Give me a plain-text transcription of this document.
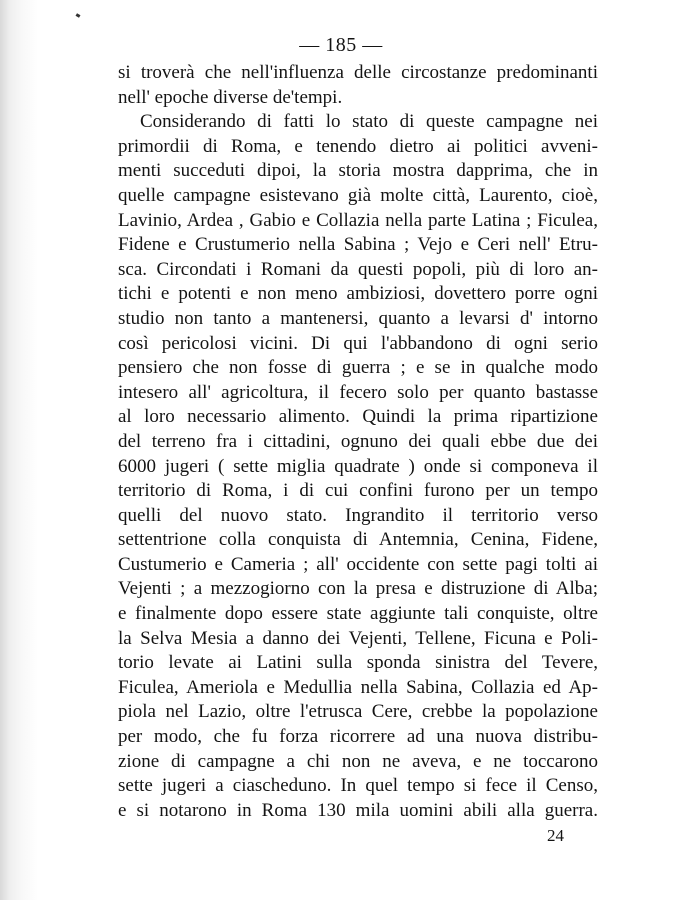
— 185 —
si troverà che nell'influenza delle circostanze predominanti
nell' epoche diverse de'tempi.
Considerando di fatti lo stato di queste campagne nei
primordii di Roma, e tenendo dietro ai politici avveni-
menti succeduti dipoi, la storia mostra dapprima, che in
quelle campagne esistevano già molte città, Laurento, cioè,
Lavinio, Ardea , Gabio e Collazia nella parte Latina ; Ficulea,
Fidene e Crustumerio nella Sabina ; Vejo e Ceri nell' Etru-
sca. Circondati i Romani da questi popoli, più di loro an-
tichi e potenti e non meno ambiziosi, dovettero porre ogni
studio non tanto a mantenersi, quanto a levarsi d' intorno
così pericolosi vicini. Di qui l'abbandono di ogni serio
pensiero che non fosse di guerra ; e se in qualche modo
intesero all' agricoltura, il fecero solo per quanto bastasse
al loro necessario alimento. Quindi la prima ripartizione
del terreno fra i cittadini, ognuno dei quali ebbe due dei
6000 jugeri ( sette miglia quadrate ) onde si componeva il
territorio di Roma, i di cui confini furono per un tempo
quelli del nuovo stato. Ingrandito il territorio verso
settentrione colla conquista di Antemnia, Cenina, Fidene,
Custumerio e Cameria ; all' occidente con sette pagi tolti ai
Vejenti ; a mezzogiorno con la presa e distruzione di Alba;
e finalmente dopo essere state aggiunte tali conquiste, oltre
la Selva Mesia a danno dei Vejenti, Tellene, Ficuna e Poli-
torio levate ai Latini sulla sponda sinistra del Tevere,
Ficulea, Ameriola e Medullia nella Sabina, Collazia ed Ap-
piola nel Lazio, oltre l'etrusca Cere, crebbe la popolazione
per modo, che fu forza ricorrere ad una nuova distribu-
zione di campagne a chi non ne aveva, e ne toccarono
sette jugeri a ciascheduno. In quel tempo si fece il Censo,
e si notarono in Roma 130 mila uomini abili alla guerra.
24
